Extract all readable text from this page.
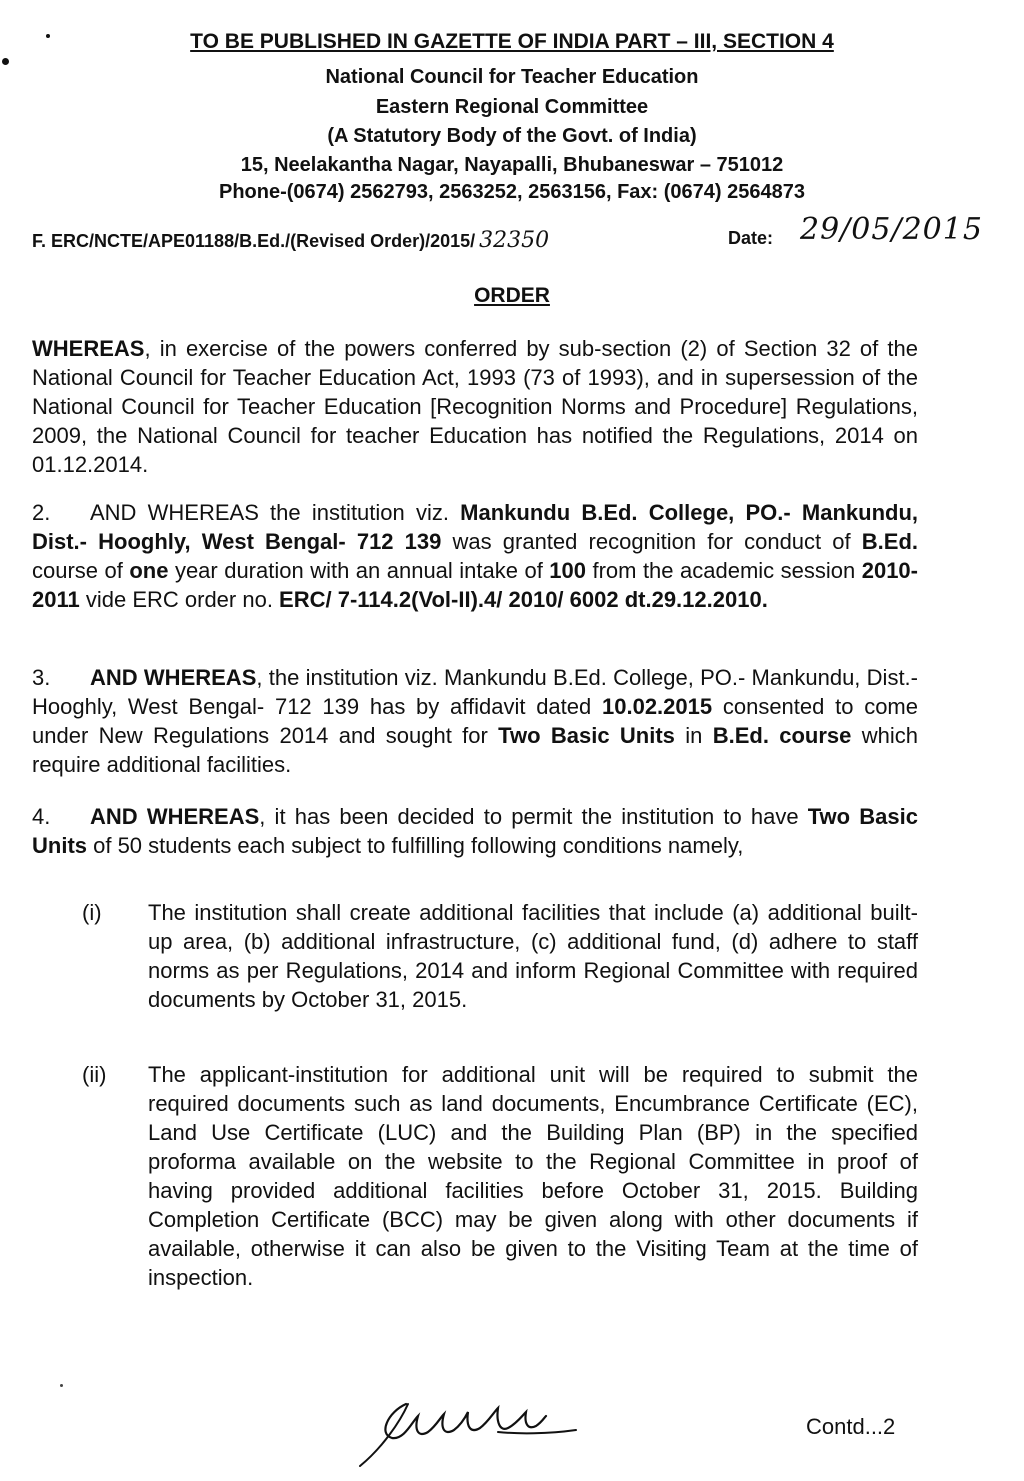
TO BE PUBLISHED IN GAZETTE OF INDIA PART – III, SECTION 4
National Council for Teacher Education
Eastern Regional Committee
(A Statutory Body of the Govt. of India)
15, Neelakantha Nagar, Nayapalli, Bhubaneswar – 751012
Phone-(0674) 2562793, 2563252, 2563156, Fax: (0674) 2564873
F. ERC/NCTE/APE01188/B.Ed./(Revised Order)/2015/ 32350	Date: 29/05/2015
ORDER
WHEREAS, in exercise of the powers conferred by sub-section (2) of Section 32 of the National Council for Teacher Education Act, 1993 (73 of 1993), and in supersession of the National Council for Teacher Education [Recognition Norms and Procedure] Regulations, 2009, the National Council for teacher Education has notified the Regulations, 2014 on 01.12.2014.
2. AND WHEREAS the institution viz. Mankundu B.Ed. College, PO.- Mankundu, Dist.- Hooghly, West Bengal- 712 139 was granted recognition for conduct of B.Ed. course of one year duration with an annual intake of 100 from the academic session 2010-2011 vide ERC order no. ERC/ 7-114.2(Vol-II).4/ 2010/ 6002 dt.29.12.2010.
3. AND WHEREAS, the institution viz. Mankundu B.Ed. College, PO.- Mankundu, Dist.- Hooghly, West Bengal- 712 139 has by affidavit dated 10.02.2015 consented to come under New Regulations 2014 and sought for Two Basic Units in B.Ed. course which require additional facilities.
4. AND WHEREAS, it has been decided to permit the institution to have Two Basic Units of 50 students each subject to fulfilling following conditions namely,
(i) The institution shall create additional facilities that include (a) additional built-up area, (b) additional infrastructure, (c) additional fund, (d) adhere to staff norms as per Regulations, 2014 and inform Regional Committee with required documents by October 31, 2015.
(ii) The applicant-institution for additional unit will be required to submit the required documents such as land documents, Encumbrance Certificate (EC), Land Use Certificate (LUC) and the Building Plan (BP) in the specified proforma available on the website to the Regional Committee in proof of having provided additional facilities before October 31, 2015. Building Completion Certificate (BCC) may be given along with other documents if available, otherwise it can also be given to the Visiting Team at the time of inspection.
Contd...2
